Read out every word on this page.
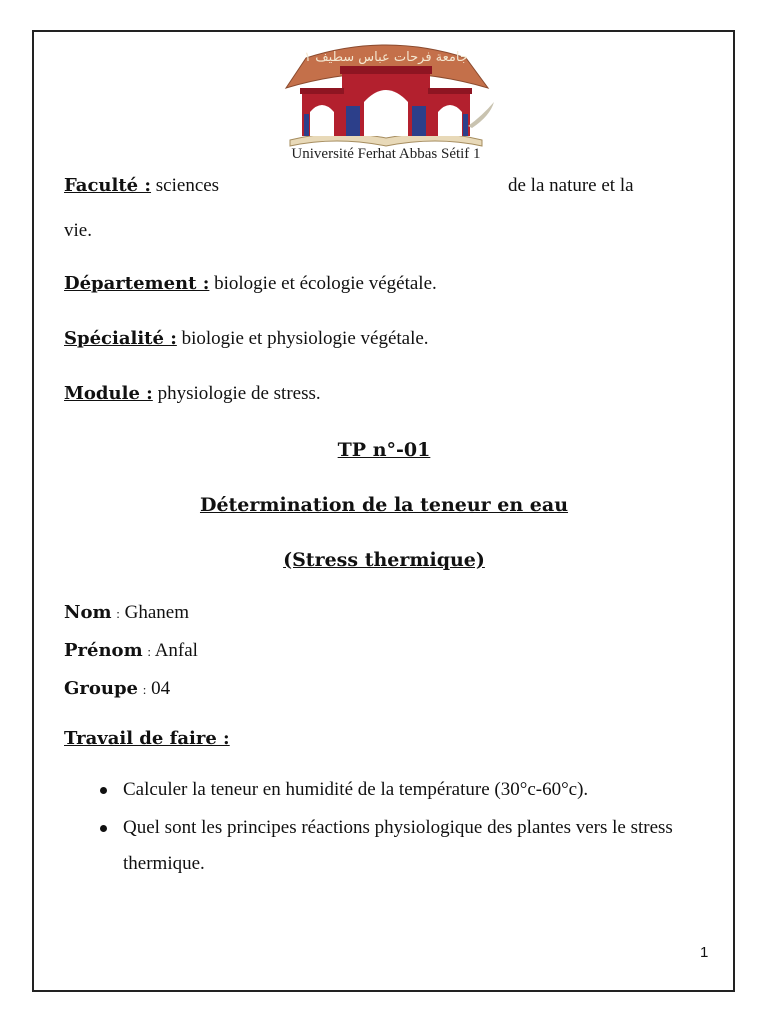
جامعة فرحات عباس سطيف ١
Université Ferhat Abbas Sétif 1
Faculté : sciences	de la nature et la
vie.
Département : biologie et écologie végétale.
Spécialité : biologie et physiologie végétale.
Module : physiologie de stress.
TP n°-01
Détermination de la teneur en eau
(Stress thermique)
Nom : Ghanem
Prénom : Anfal
Groupe : 04
Travail de faire :
Calculer la teneur en humidité de la température (30°c-60°c).
Quel sont les principes réactions physiologique des plantes vers le stress thermique.
1
